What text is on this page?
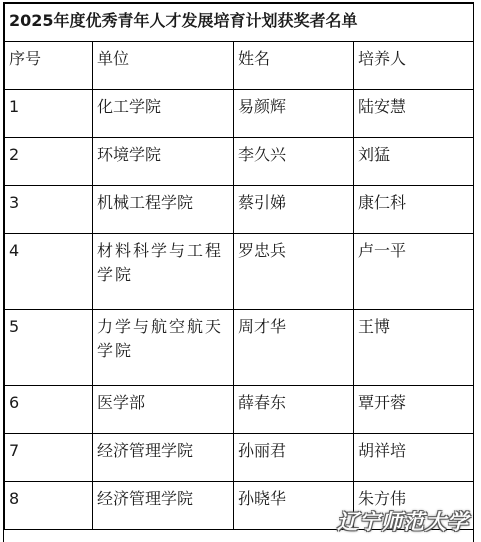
2025年度优秀青年人才发展培育计划获奖者名单			
序号	单位	姓名	培养人
1	化工学院	易颜辉	陆安慧
2	环境学院	李久兴	刘猛
3	机械工程学院	蔡引娣	康仁科
4	材料科学与工程学院	罗忠兵	卢一平
5	力学与航空航天学院	周才华	王博
6	医学部	薛春东	覃开蓉
7	经济管理学院	孙丽君	胡祥培
8	经济管理学院	孙晓华	朱方伟
辽宁师范大学
